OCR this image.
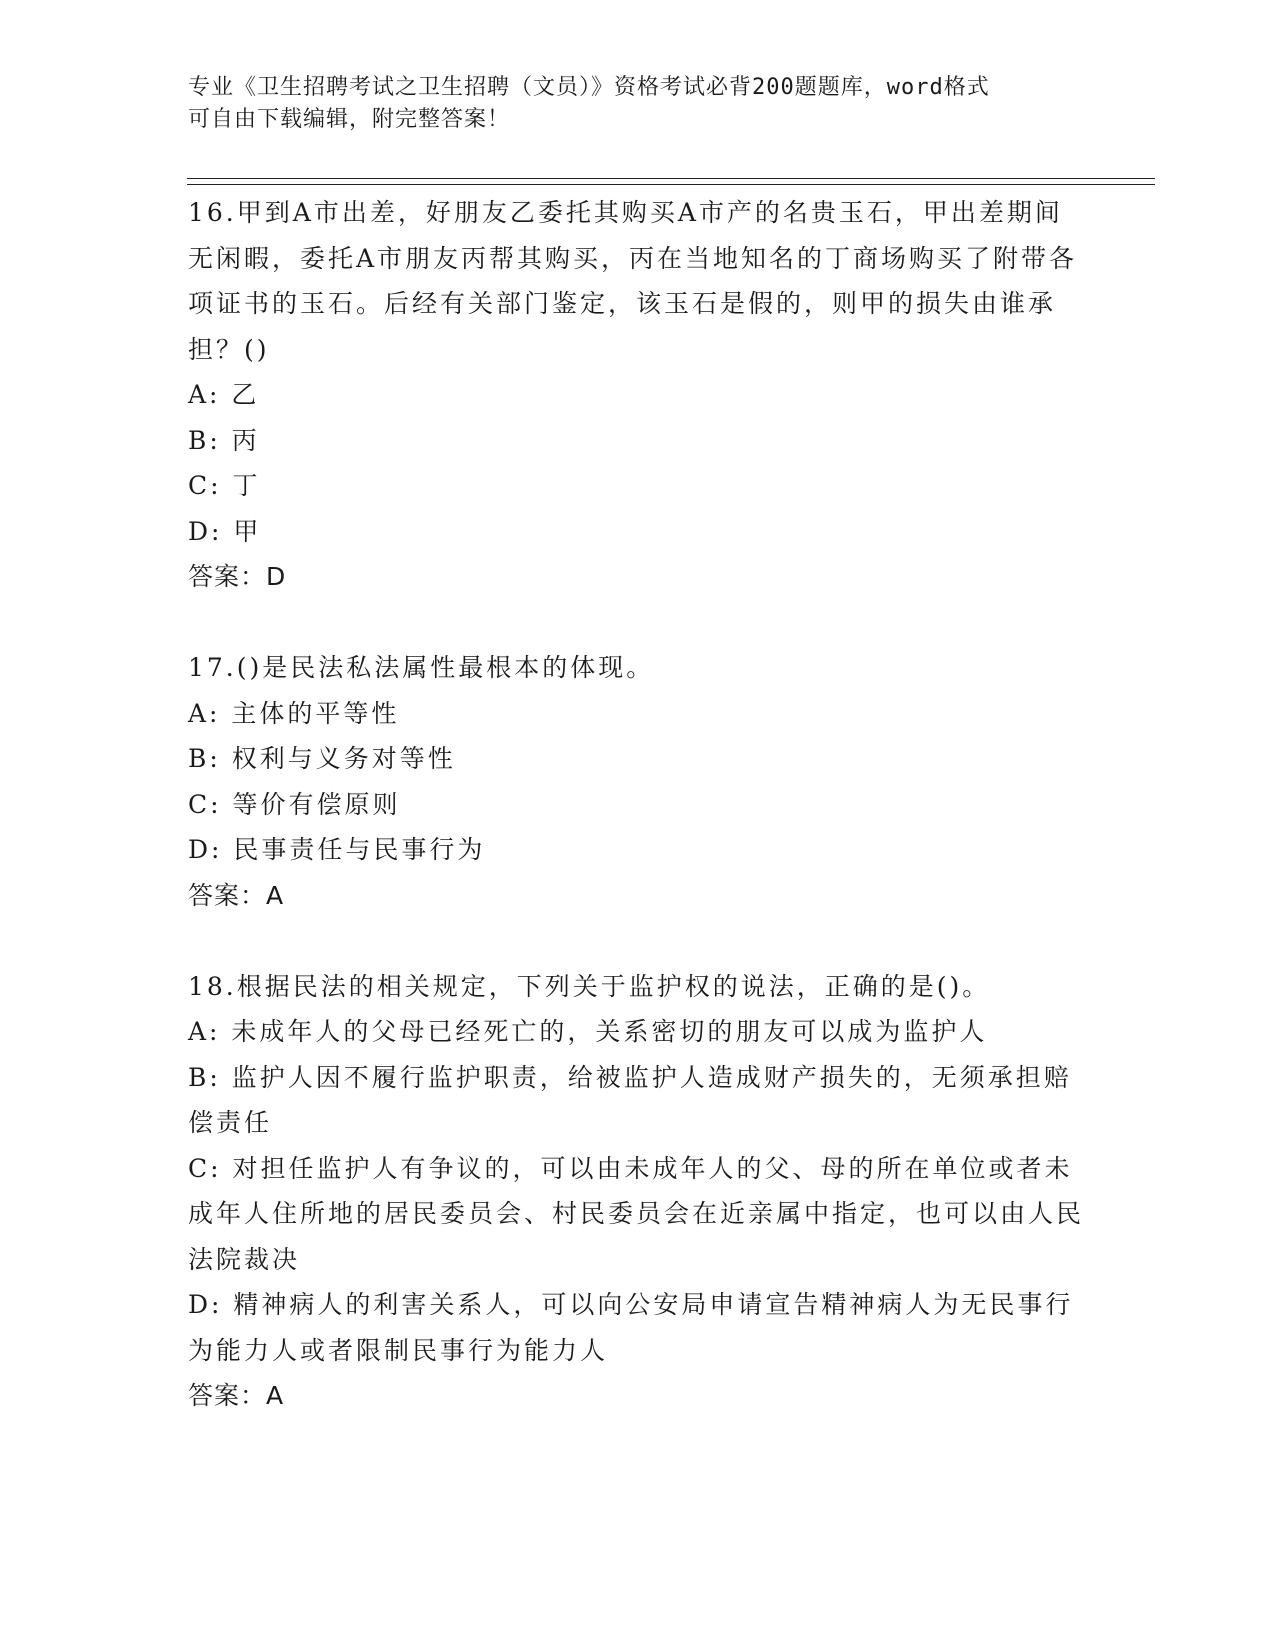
专业《卫生招聘考试之卫生招聘（文员）》资格考试必背200题题库，word格式
可自由下载编辑，附完整答案！

16.甲到A市出差，好朋友乙委托其购买A市产的名贵玉石，甲出差期间无闲暇，委托A市朋友丙帮其购买，丙在当地知名的丁商场购买了附带各项证书的玉石。后经有关部门鉴定，该玉石是假的，则甲的损失由谁承担？()

A: 乙

B: 丙

C: 丁

D: 甲

答案：D

17.()是民法私法属性最根本的体现。

A: 主体的平等性

B: 权利与义务对等性

C: 等价有偿原则

D: 民事责任与民事行为

答案：A

18.根据民法的相关规定，下列关于监护权的说法，正确的是()。

A: 未成年人的父母已经死亡的，关系密切的朋友可以成为监护人

B: 监护人因不履行监护职责，给被监护人造成财产损失的，无须承担赔偿责任

C: 对担任监护人有争议的，可以由未成年人的父、母的所在单位或者未成年人住所地的居民委员会、村民委员会在近亲属中指定，也可以由人民法院裁决

D: 精神病人的利害关系人，可以向公安局申请宣告精神病人为无民事行为能力人或者限制民事行为能力人

答案：A
